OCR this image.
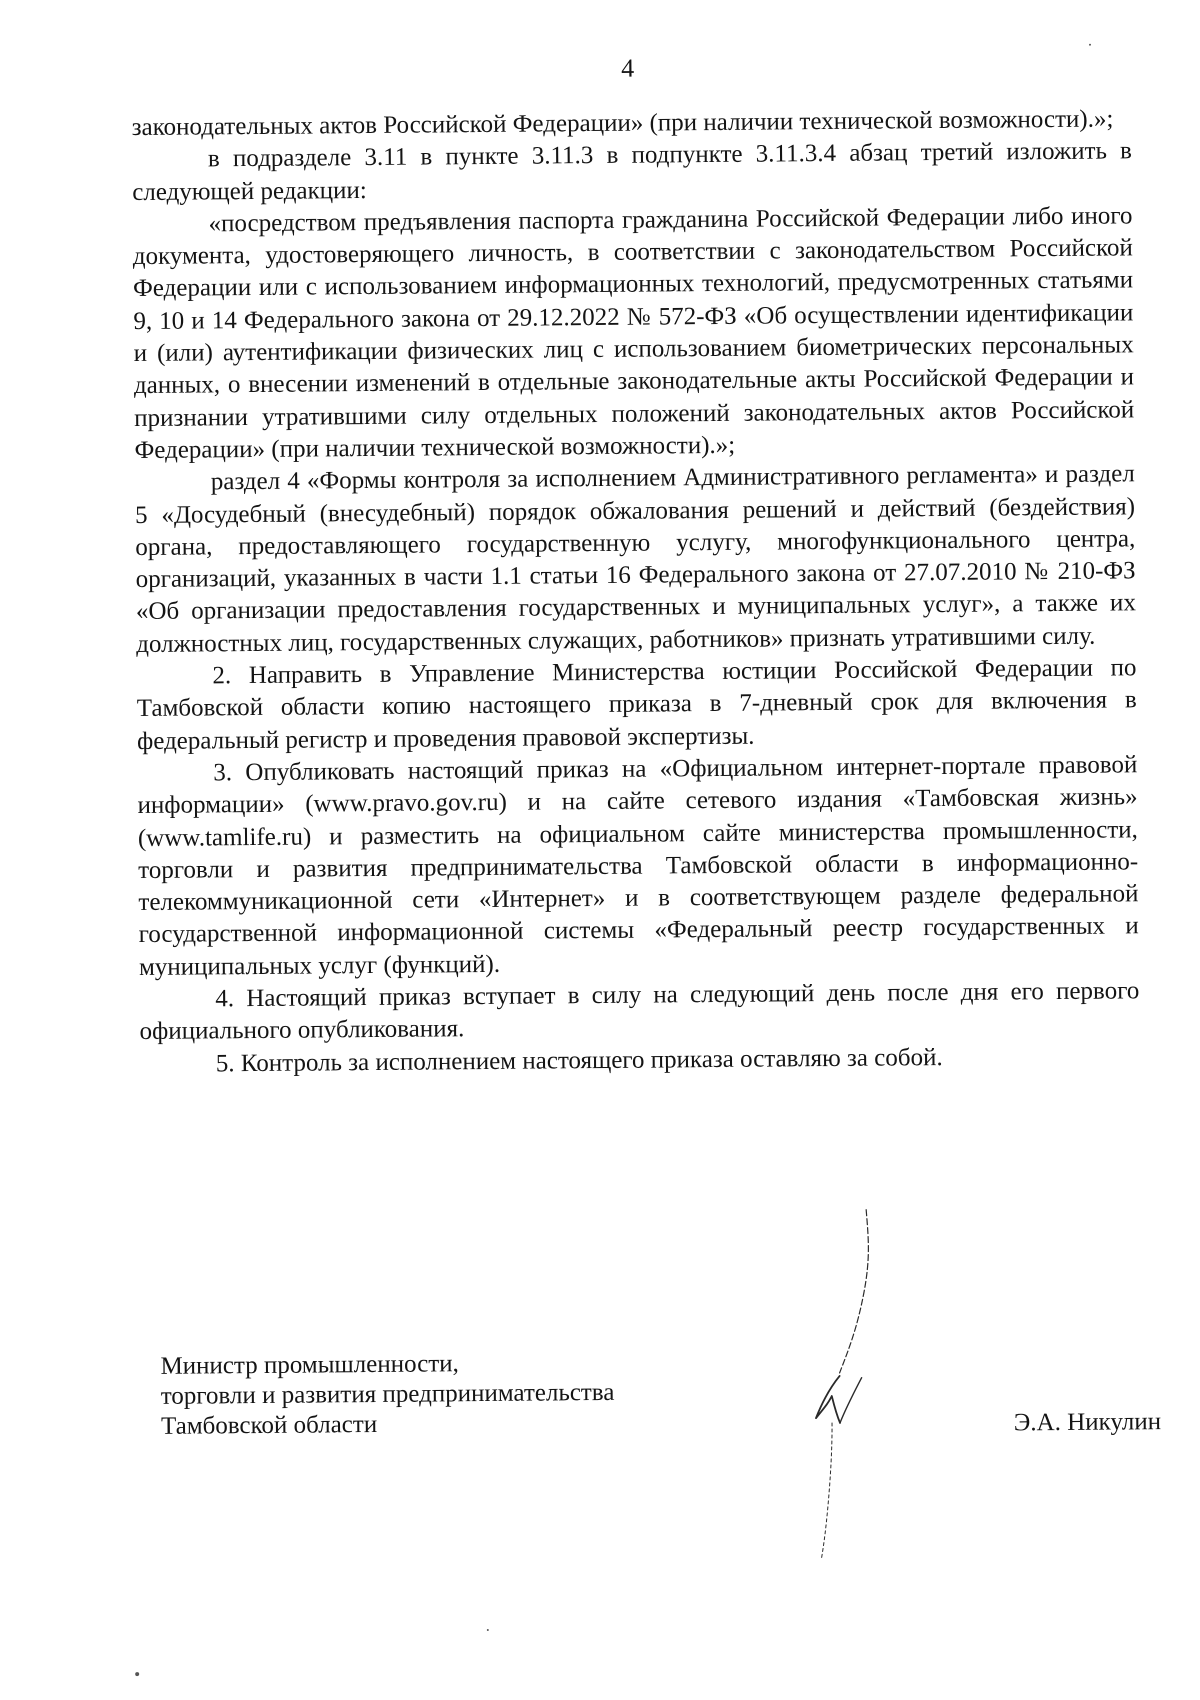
4

законодательных актов Российской Федерации» (при наличии технической возможности).»;

в подразделе 3.11 в пункте 3.11.3 в подпункте 3.11.3.4 абзац третий изложить в следующей редакции:

«посредством предъявления паспорта гражданина Российской Федерации либо иного документа, удостоверяющего личность, в соответствии с законодательством Российской Федерации или с использованием информационных технологий, предусмотренных статьями 9, 10 и 14 Федерального закона от 29.12.2022 № 572-ФЗ «Об осуществлении идентификации и (или) аутентификации физических лиц с использованием биометрических персональных данных, о внесении изменений в отдельные законодательные акты Российской Федерации и признании утратившими силу отдельных положений законодательных актов Российской Федерации» (при наличии технической возможности).»;

раздел 4 «Формы контроля за исполнением Административного регламента» и раздел 5 «Досудебный (внесудебный) порядок обжалования решений и действий (бездействия) органа, предоставляющего государственную услугу, многофункционального центра, организаций, указанных в части 1.1 статьи 16 Федерального закона от 27.07.2010 № 210-ФЗ «Об организации предоставления государственных и муниципальных услуг», а также их должностных лиц, государственных служащих, работников» признать утратившими силу.

2. Направить в Управление Министерства юстиции Российской Федерации по Тамбовской области копию настоящего приказа в 7-дневный срок для включения в федеральный регистр и проведения правовой экспертизы.

3. Опубликовать настоящий приказ на «Официальном интернет-портале правовой информации» (www.pravo.gov.ru) и на сайте сетевого издания «Тамбовская жизнь» (www.tamlife.ru) и разместить на официальном сайте министерства промышленности, торговли и развития предпринимательства Тамбовской области в информационно-телекоммуникационной сети «Интернет» и в соответствующем разделе федеральной государственной информационной системы «Федеральный реестр государственных и муниципальных услуг (функций).

4. Настоящий приказ вступает в силу на следующий день после дня его первого официального опубликования.

5. Контроль за исполнением настоящего приказа оставляю за собой.

Министр промышленности,
торговли и развития предпринимательства
Тамбовской области	Э.А. Никулин
